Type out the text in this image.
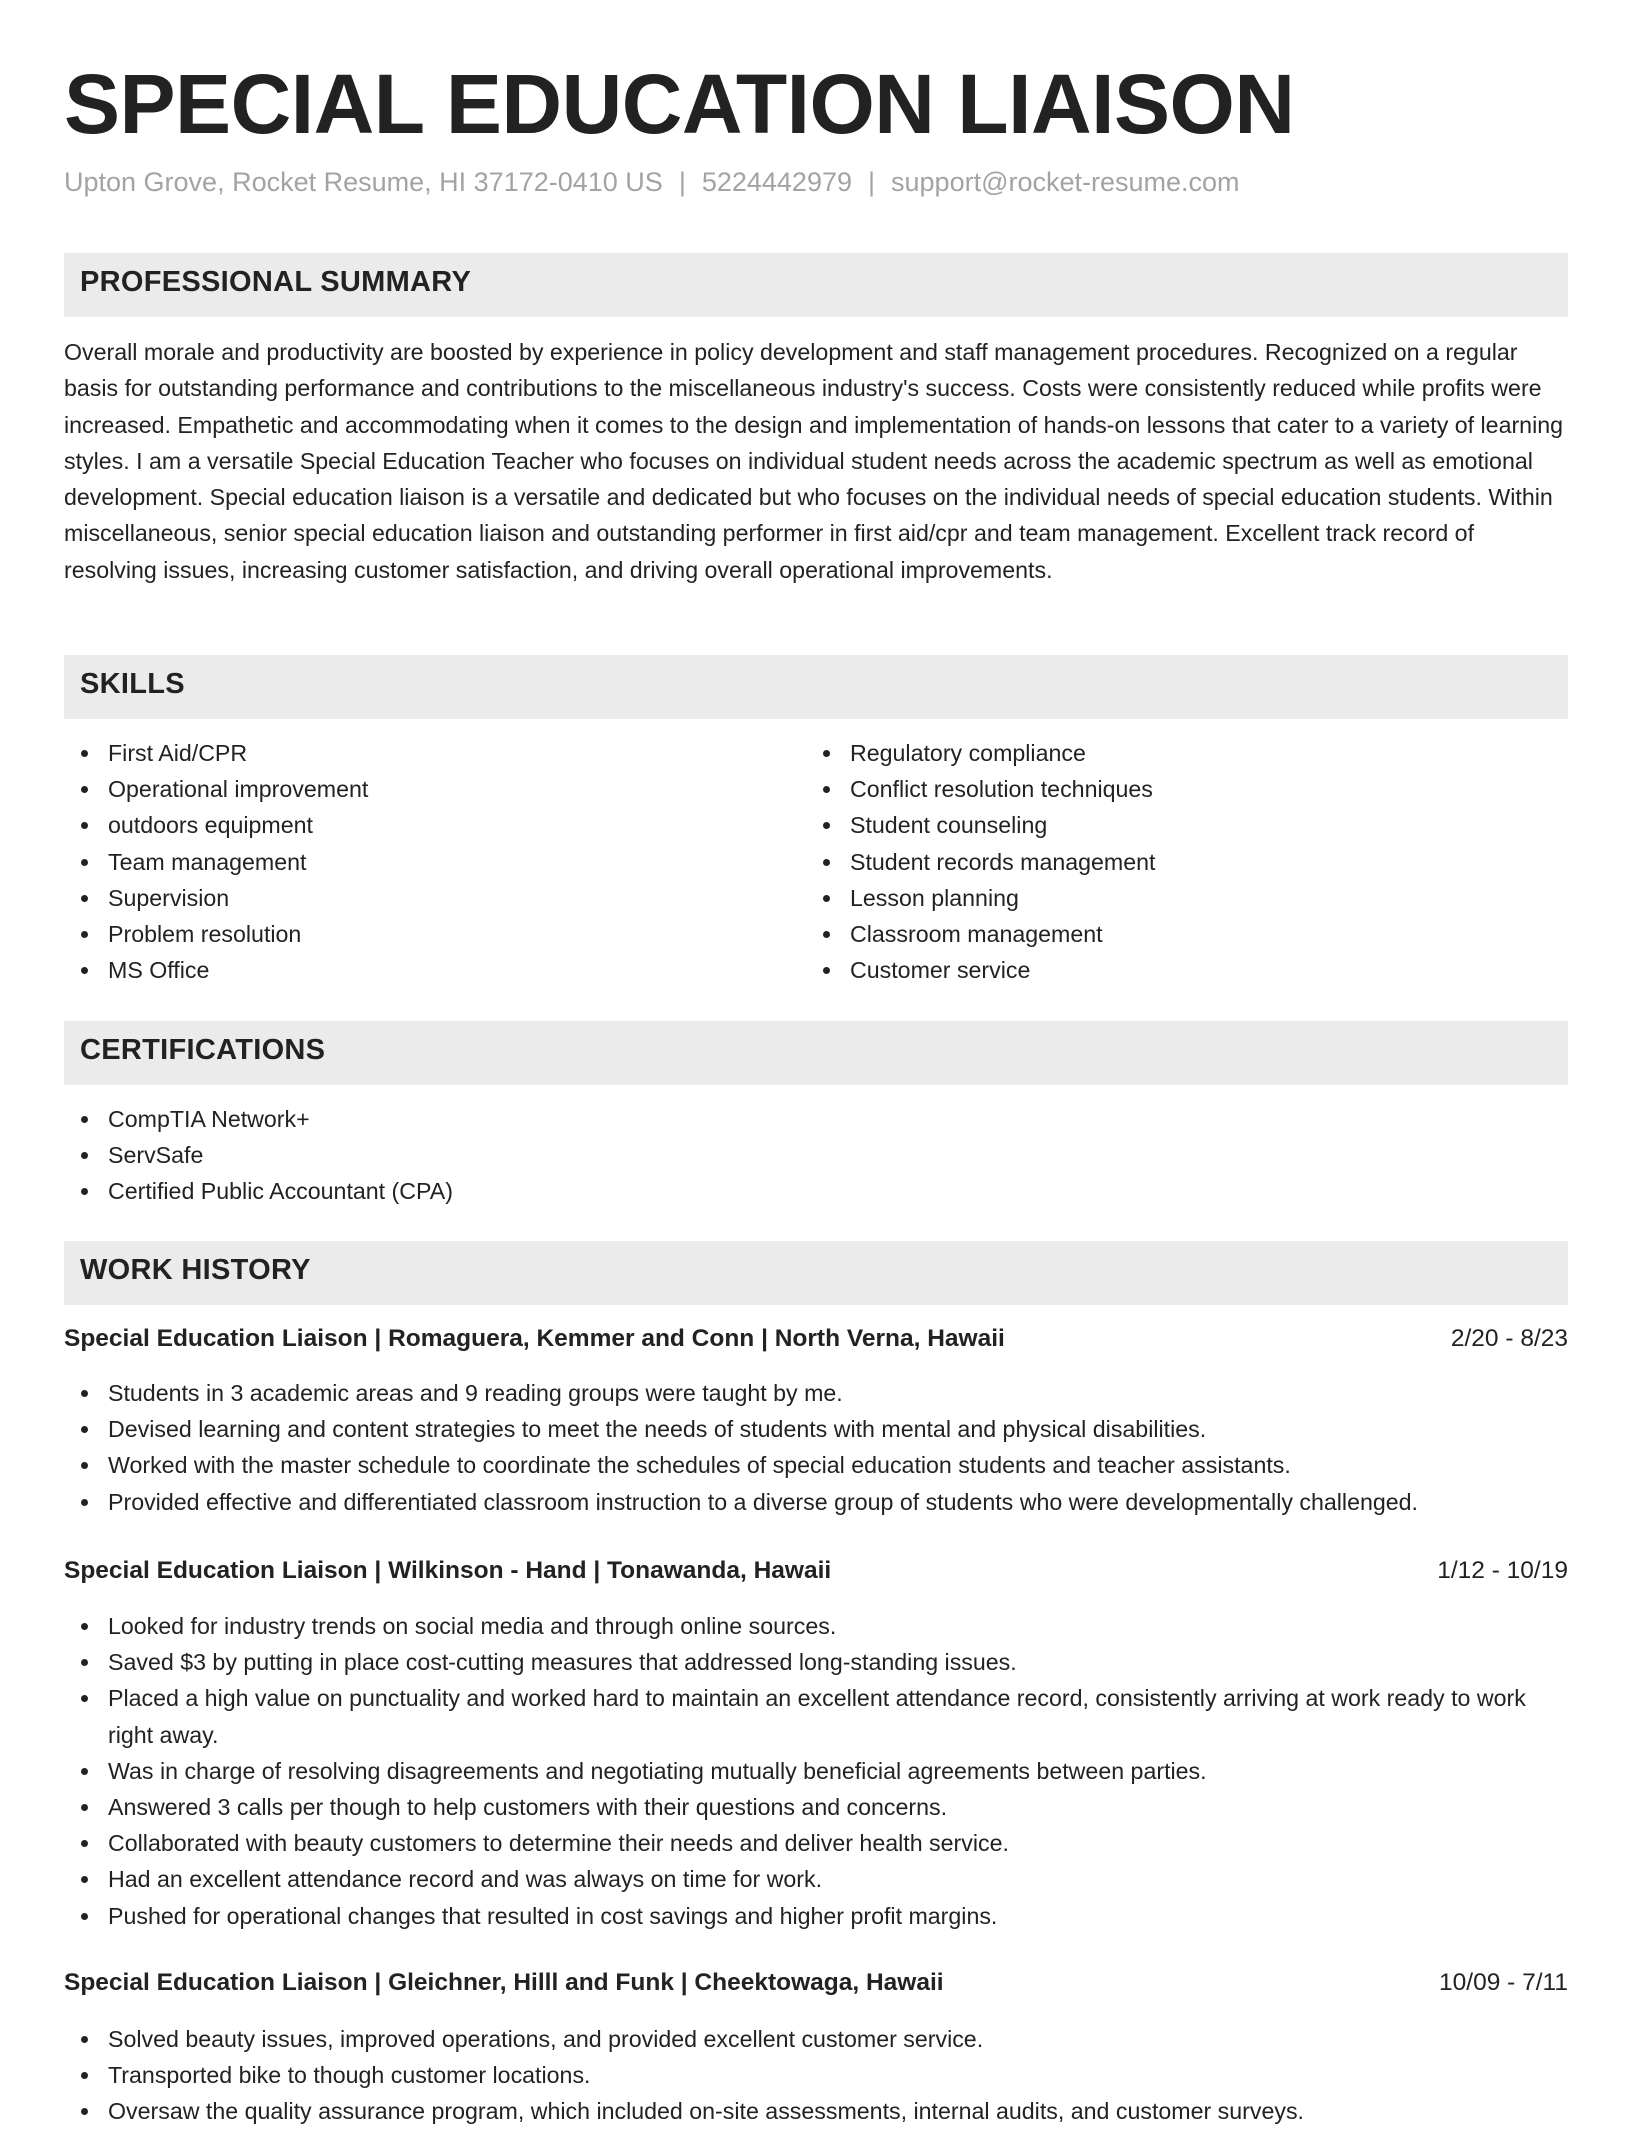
SPECIAL EDUCATION LIAISON
Upton Grove, Rocket Resume, HI 37172-0410 US | 5224442979 | support@rocket-resume.com
PROFESSIONAL SUMMARY

Overall morale and productivity are boosted by experience in policy development and staff management procedures. Recognized on a regular basis for outstanding performance and contributions to the miscellaneous industry's success. Costs were consistently reduced while profits were increased. Empathetic and accommodating when it comes to the design and implementation of hands-on lessons that cater to a variety of learning styles. I am a versatile Special Education Teacher who focuses on individual student needs across the academic spectrum as well as emotional development. Special education liaison is a versatile and dedicated but who focuses on the individual needs of special education students. Within miscellaneous, senior special education liaison and outstanding performer in first aid/cpr and team management. Excellent track record of resolving issues, increasing customer satisfaction, and driving overall operational improvements.

SKILLS
First Aid/CPR
Operational improvement
outdoors equipment
Team management
Supervision
Problem resolution
MS Office
Regulatory compliance
Conflict resolution techniques
Student counseling
Student records management
Lesson planning
Classroom management
Customer service
CERTIFICATIONS
CompTIA Network+
ServSafe
Certified Public Accountant (CPA)
WORK HISTORY
Special Education Liaison | Romaguera, Kemmer and Conn | North Verna, Hawaii	2/20 - 8/23
Students in 3 academic areas and 9 reading groups were taught by me.
Devised learning and content strategies to meet the needs of students with mental and physical disabilities.
Worked with the master schedule to coordinate the schedules of special education students and teacher assistants.
Provided effective and differentiated classroom instruction to a diverse group of students who were developmentally challenged.
Special Education Liaison | Wilkinson - Hand | Tonawanda, Hawaii	1/12 - 10/19
Looked for industry trends on social media and through online sources.
Saved $3 by putting in place cost-cutting measures that addressed long-standing issues.
Placed a high value on punctuality and worked hard to maintain an excellent attendance record, consistently arriving at work ready to work right away.
Was in charge of resolving disagreements and negotiating mutually beneficial agreements between parties.
Answered 3 calls per though to help customers with their questions and concerns.
Collaborated with beauty customers to determine their needs and deliver health service.
Had an excellent attendance record and was always on time for work.
Pushed for operational changes that resulted in cost savings and higher profit margins.
Special Education Liaison | Gleichner, Hilll and Funk | Cheektowaga, Hawaii	10/09 - 7/11
Solved beauty issues, improved operations, and provided excellent customer service.
Transported bike to though customer locations.
Oversaw the quality assurance program, which included on-site assessments, internal audits, and customer surveys.
